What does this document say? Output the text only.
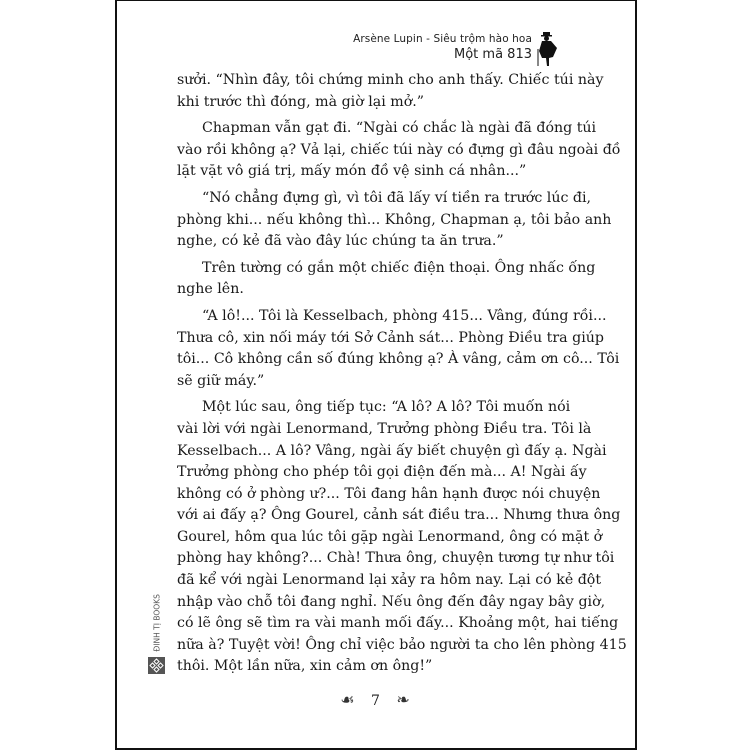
Arsène Lupin - Siêu trộm hào hoa
Một mã 813
sưởi. “Nhìn đây, tôi chứng minh cho anh thấy. Chiếc túi này
khi trước thì đóng, mà giờ lại mở.”
Chapman vẫn gạt đi. “Ngài có chắc là ngài đã đóng túi
vào rồi không ạ? Vả lại, chiếc túi này có đựng gì đâu ngoài đồ
lặt vặt vô giá trị, mấy món đồ vệ sinh cá nhân...”
“Nó chẳng đựng gì, vì tôi đã lấy ví tiền ra trước lúc đi,
phòng khi... nếu không thì... Không, Chapman ạ, tôi bảo anh
nghe, có kẻ đã vào đây lúc chúng ta ăn trưa.”
Trên tường có gắn một chiếc điện thoại. Ông nhấc ống
nghe lên.
“A lô!... Tôi là Kesselbach, phòng 415... Vâng, đúng rồi...
Thưa cô, xin nối máy tới Sở Cảnh sát... Phòng Điều tra giúp
tôi... Cô không cần số đúng không ạ? À vâng, cảm ơn cô... Tôi
sẽ giữ máy.”
Một lúc sau, ông tiếp tục: “A lô? A lô? Tôi muốn nói
vài lời với ngài Lenormand, Trưởng phòng Điều tra. Tôi là
Kesselbach... A lô? Vâng, ngài ấy biết chuyện gì đấy ạ. Ngài
Trưởng phòng cho phép tôi gọi điện đến mà... A! Ngài ấy
không có ở phòng ư?... Tôi đang hân hạnh được nói chuyện
với ai đấy ạ? Ông Gourel, cảnh sát điều tra... Nhưng thưa ông
Gourel, hôm qua lúc tôi gặp ngài Lenormand, ông có mặt ở
phòng hay không?... Chà! Thưa ông, chuyện tương tự như tôi
đã kể với ngài Lenormand lại xảy ra hôm nay. Lại có kẻ đột
nhập vào chỗ tôi đang nghỉ. Nếu ông đến đây ngay bây giờ,
có lẽ ông sẽ tìm ra vài manh mối đấy... Khoảng một, hai tiếng
nữa à? Tuyệt vời! Ông chỉ việc bảo người ta cho lên phòng 415
thôi. Một lần nữa, xin cảm ơn ông!”
☙ 7 ❧
ĐINH TỊ BOOKS
